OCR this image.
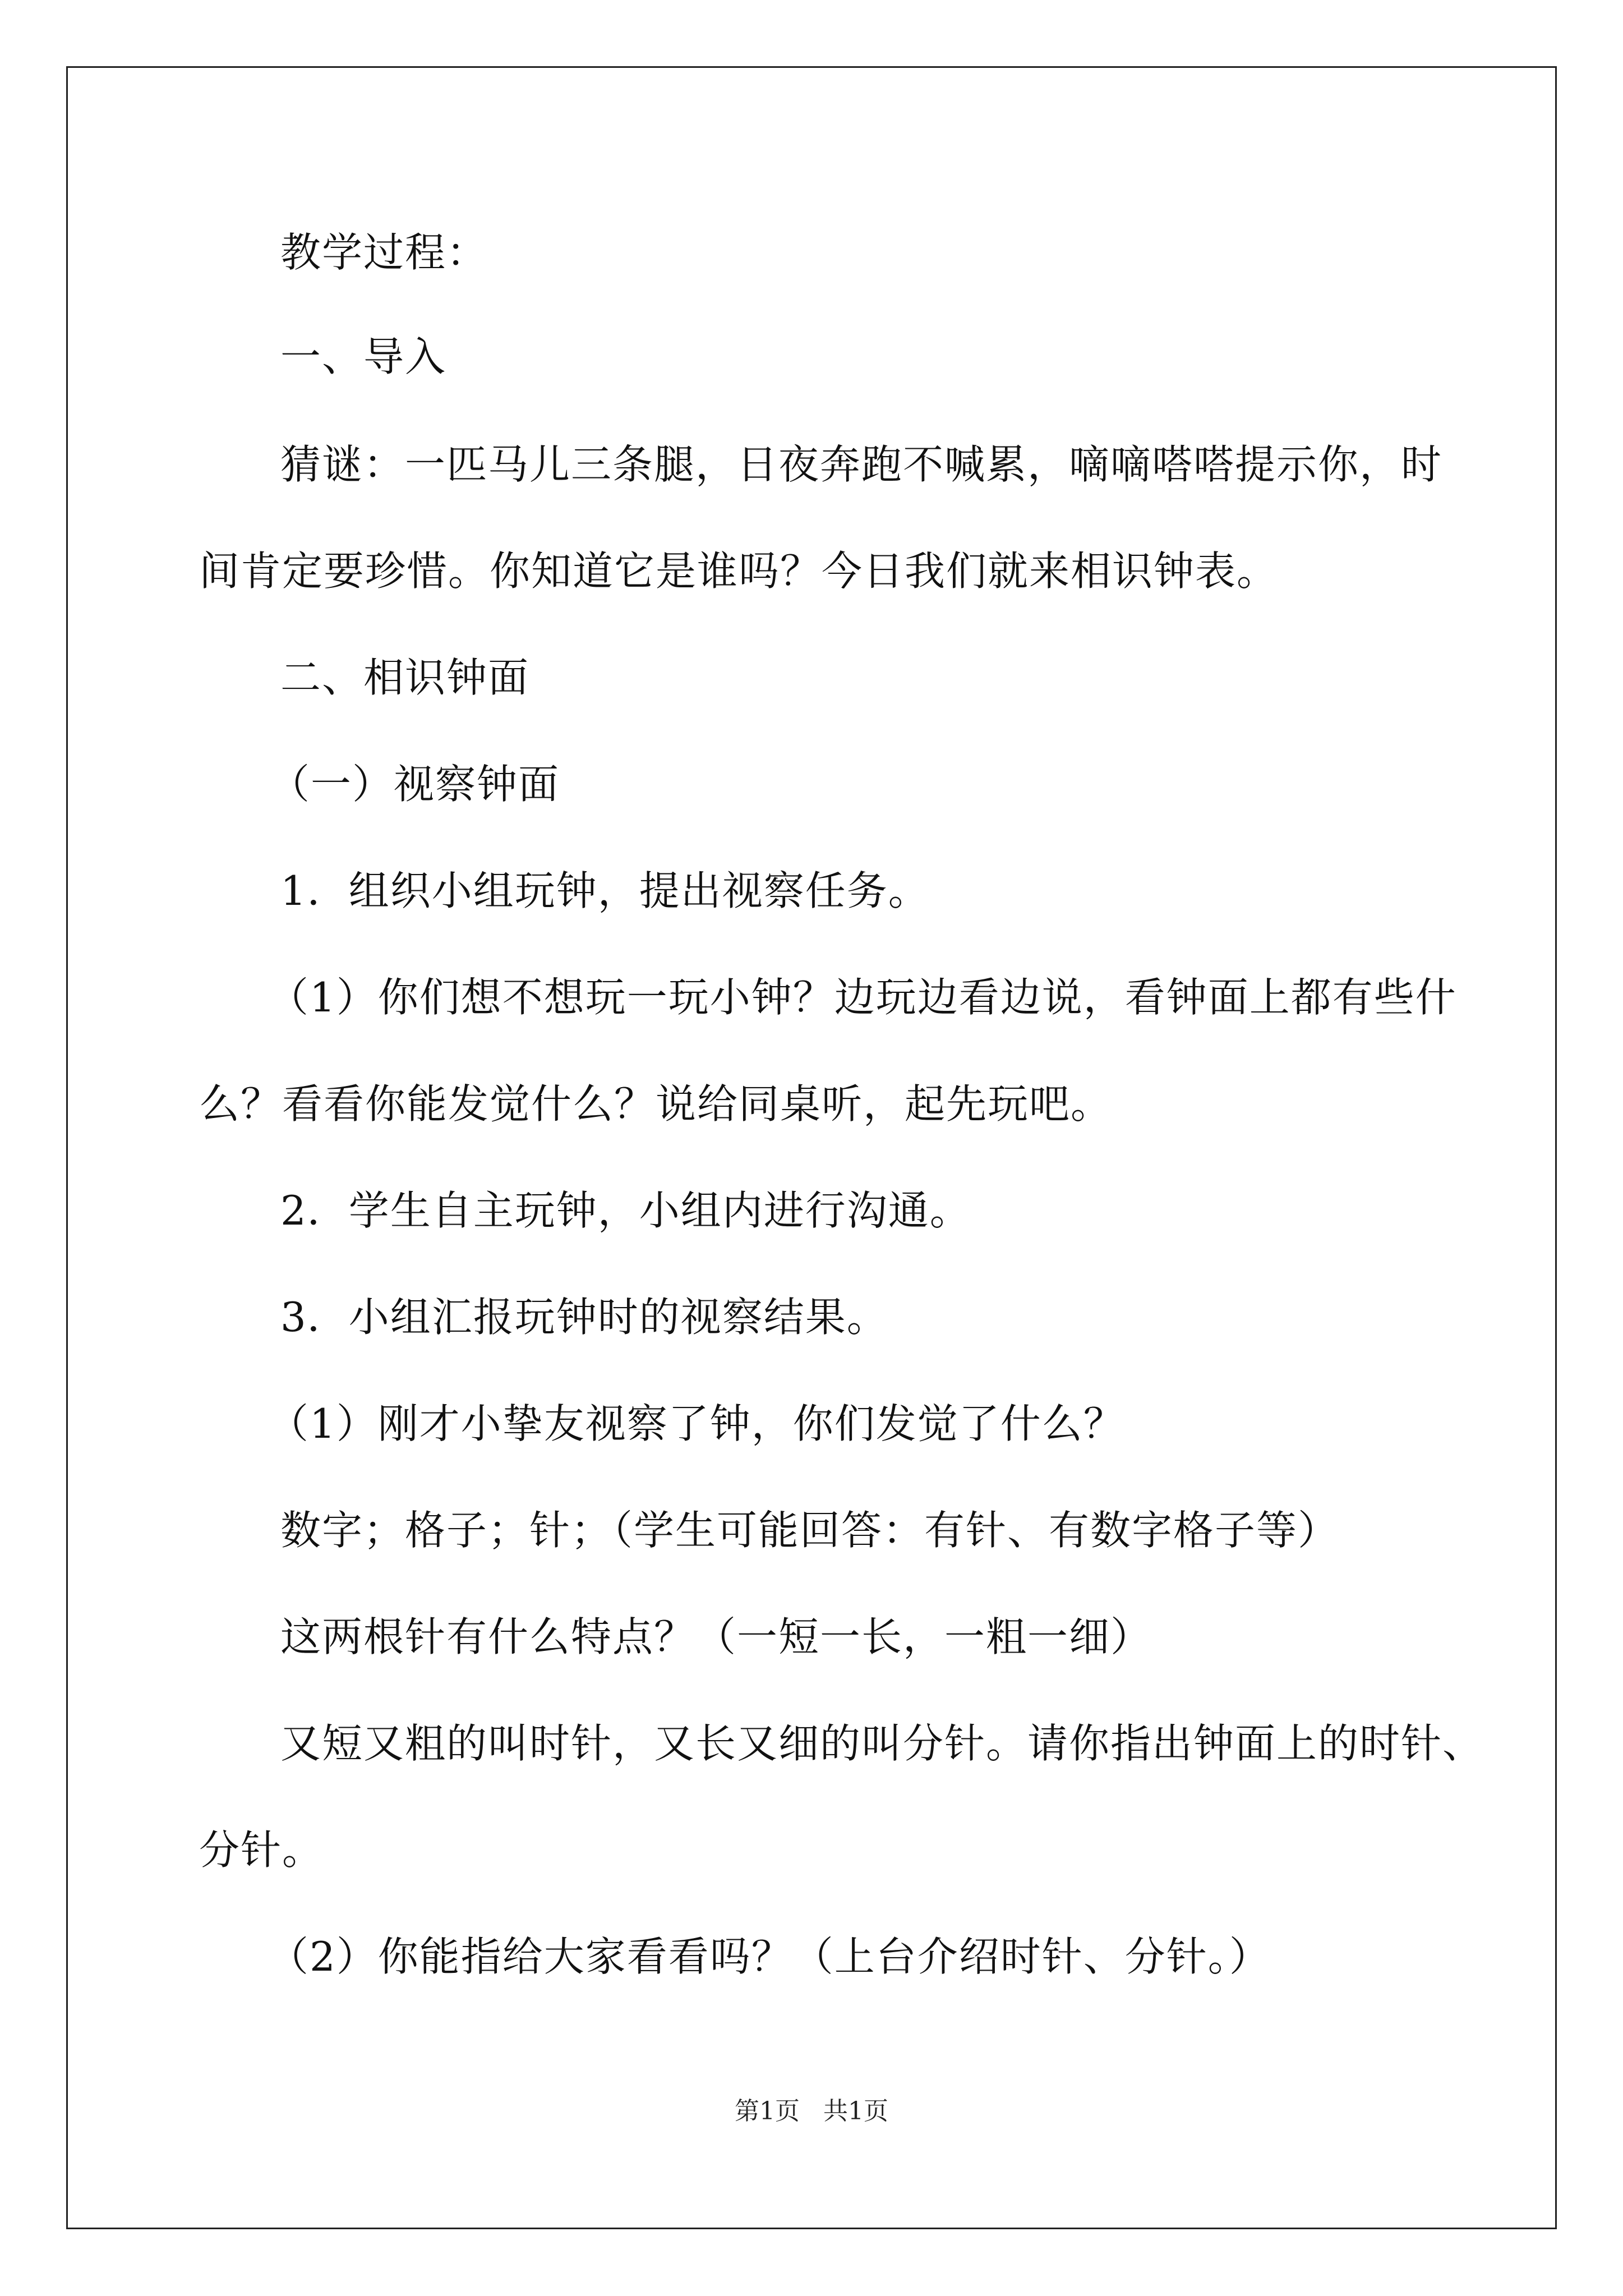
教学过程：

一、导入

猜谜：一匹马儿三条腿，日夜奔跑不喊累，嘀嘀嗒嗒提示你，时

间肯定要珍惜。你知道它是谁吗？今日我们就来相识钟表。

二、相识钟面

（一）视察钟面

1．组织小组玩钟，提出视察任务。

（1）你们想不想玩一玩小钟？边玩边看边说，看钟面上都有些什

么？看看你能发觉什么？说给同桌听，起先玩吧。

2．学生自主玩钟，小组内进行沟通。

3．小组汇报玩钟时的视察结果。

（1）刚才小挚友视察了钟，你们发觉了什么？

数字；格子；针；（学生可能回答：有针、有数字格子等）

这两根针有什么特点？（一短一长，一粗一细）

又短又粗的叫时针，又长又细的叫分针。请你指出钟面上的时针、

分针。

（2）你能指给大家看看吗？（上台介绍时针、分针。）

第1页   共1页
